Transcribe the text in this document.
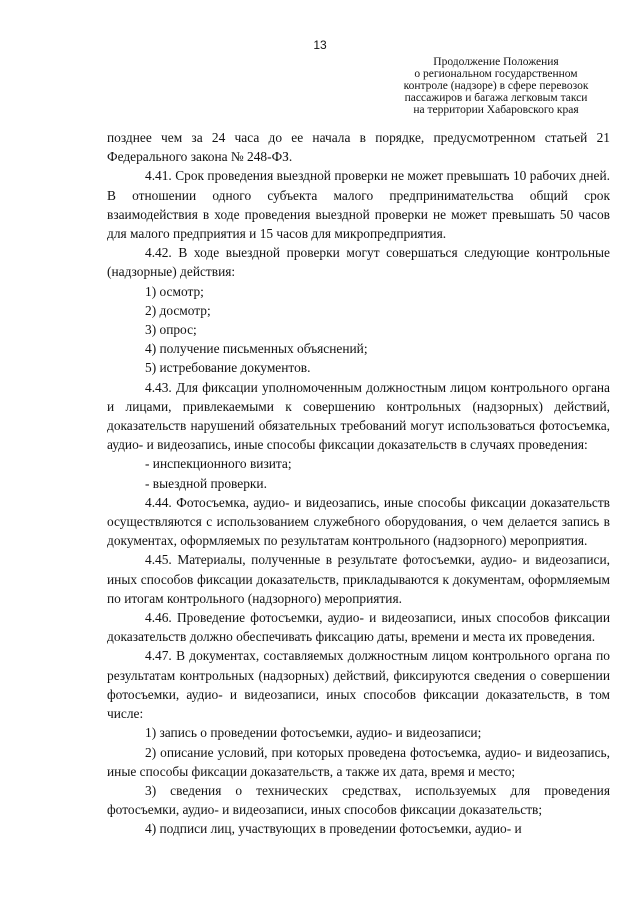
13
Продолжение Положения
о региональном государственном
контроле (надзоре) в сфере перевозок
пассажиров и багажа легковым такси
на территории Хабаровского края

позднее чем за 24 часа до ее начала в порядке, предусмотренном статьей 21 Федерального закона № 248-ФЗ.

4.41. Срок проведения выездной проверки не может превышать 10 рабочих дней. В отношении одного субъекта малого предпринимательства общий срок взаимодействия в ходе проведения выездной проверки не может превышать 50 часов для малого предприятия и 15 часов для микропредприятия.

4.42. В ходе выездной проверки могут совершаться следующие контрольные (надзорные) действия:

1) осмотр;

2) досмотр;

3) опрос;

4) получение письменных объяснений;

5) истребование документов.

4.43. Для фиксации уполномоченным должностным лицом контрольного органа и лицами, привлекаемыми к совершению контрольных (надзорных) действий, доказательств нарушений обязательных требований могут использоваться фотосъемка, аудио- и видеозапись, иные способы фиксации доказательств в случаях проведения:

- инспекционного визита;

- выездной проверки.

4.44. Фотосъемка, аудио- и видеозапись, иные способы фиксации доказательств осуществляются с использованием служебного оборудования, о чем делается запись в документах, оформляемых по результатам контрольного (надзорного) мероприятия.

4.45. Материалы, полученные в результате фотосъемки, аудио- и видеозаписи, иных способов фиксации доказательств, прикладываются к документам, оформляемым по итогам контрольного (надзорного) мероприятия.

4.46. Проведение фотосъемки, аудио- и видеозаписи, иных способов фиксации доказательств должно обеспечивать фиксацию даты, времени и места их проведения.

4.47. В документах, составляемых должностным лицом контрольного органа по результатам контрольных (надзорных) действий, фиксируются сведения о совершении фотосъемки, аудио- и видеозаписи, иных способов фиксации доказательств, в том числе:

1) запись о проведении фотосъемки, аудио- и видеозаписи;

2) описание условий, при которых проведена фотосъемка, аудио- и видеозапись, иные способы фиксации доказательств, а также их дата, время и место;

3) сведения о технических средствах, используемых для проведения фотосъемки, аудио- и видеозаписи, иных способов фиксации доказательств;

4) подписи лиц, участвующих в проведении фотосъемки, аудио- и
